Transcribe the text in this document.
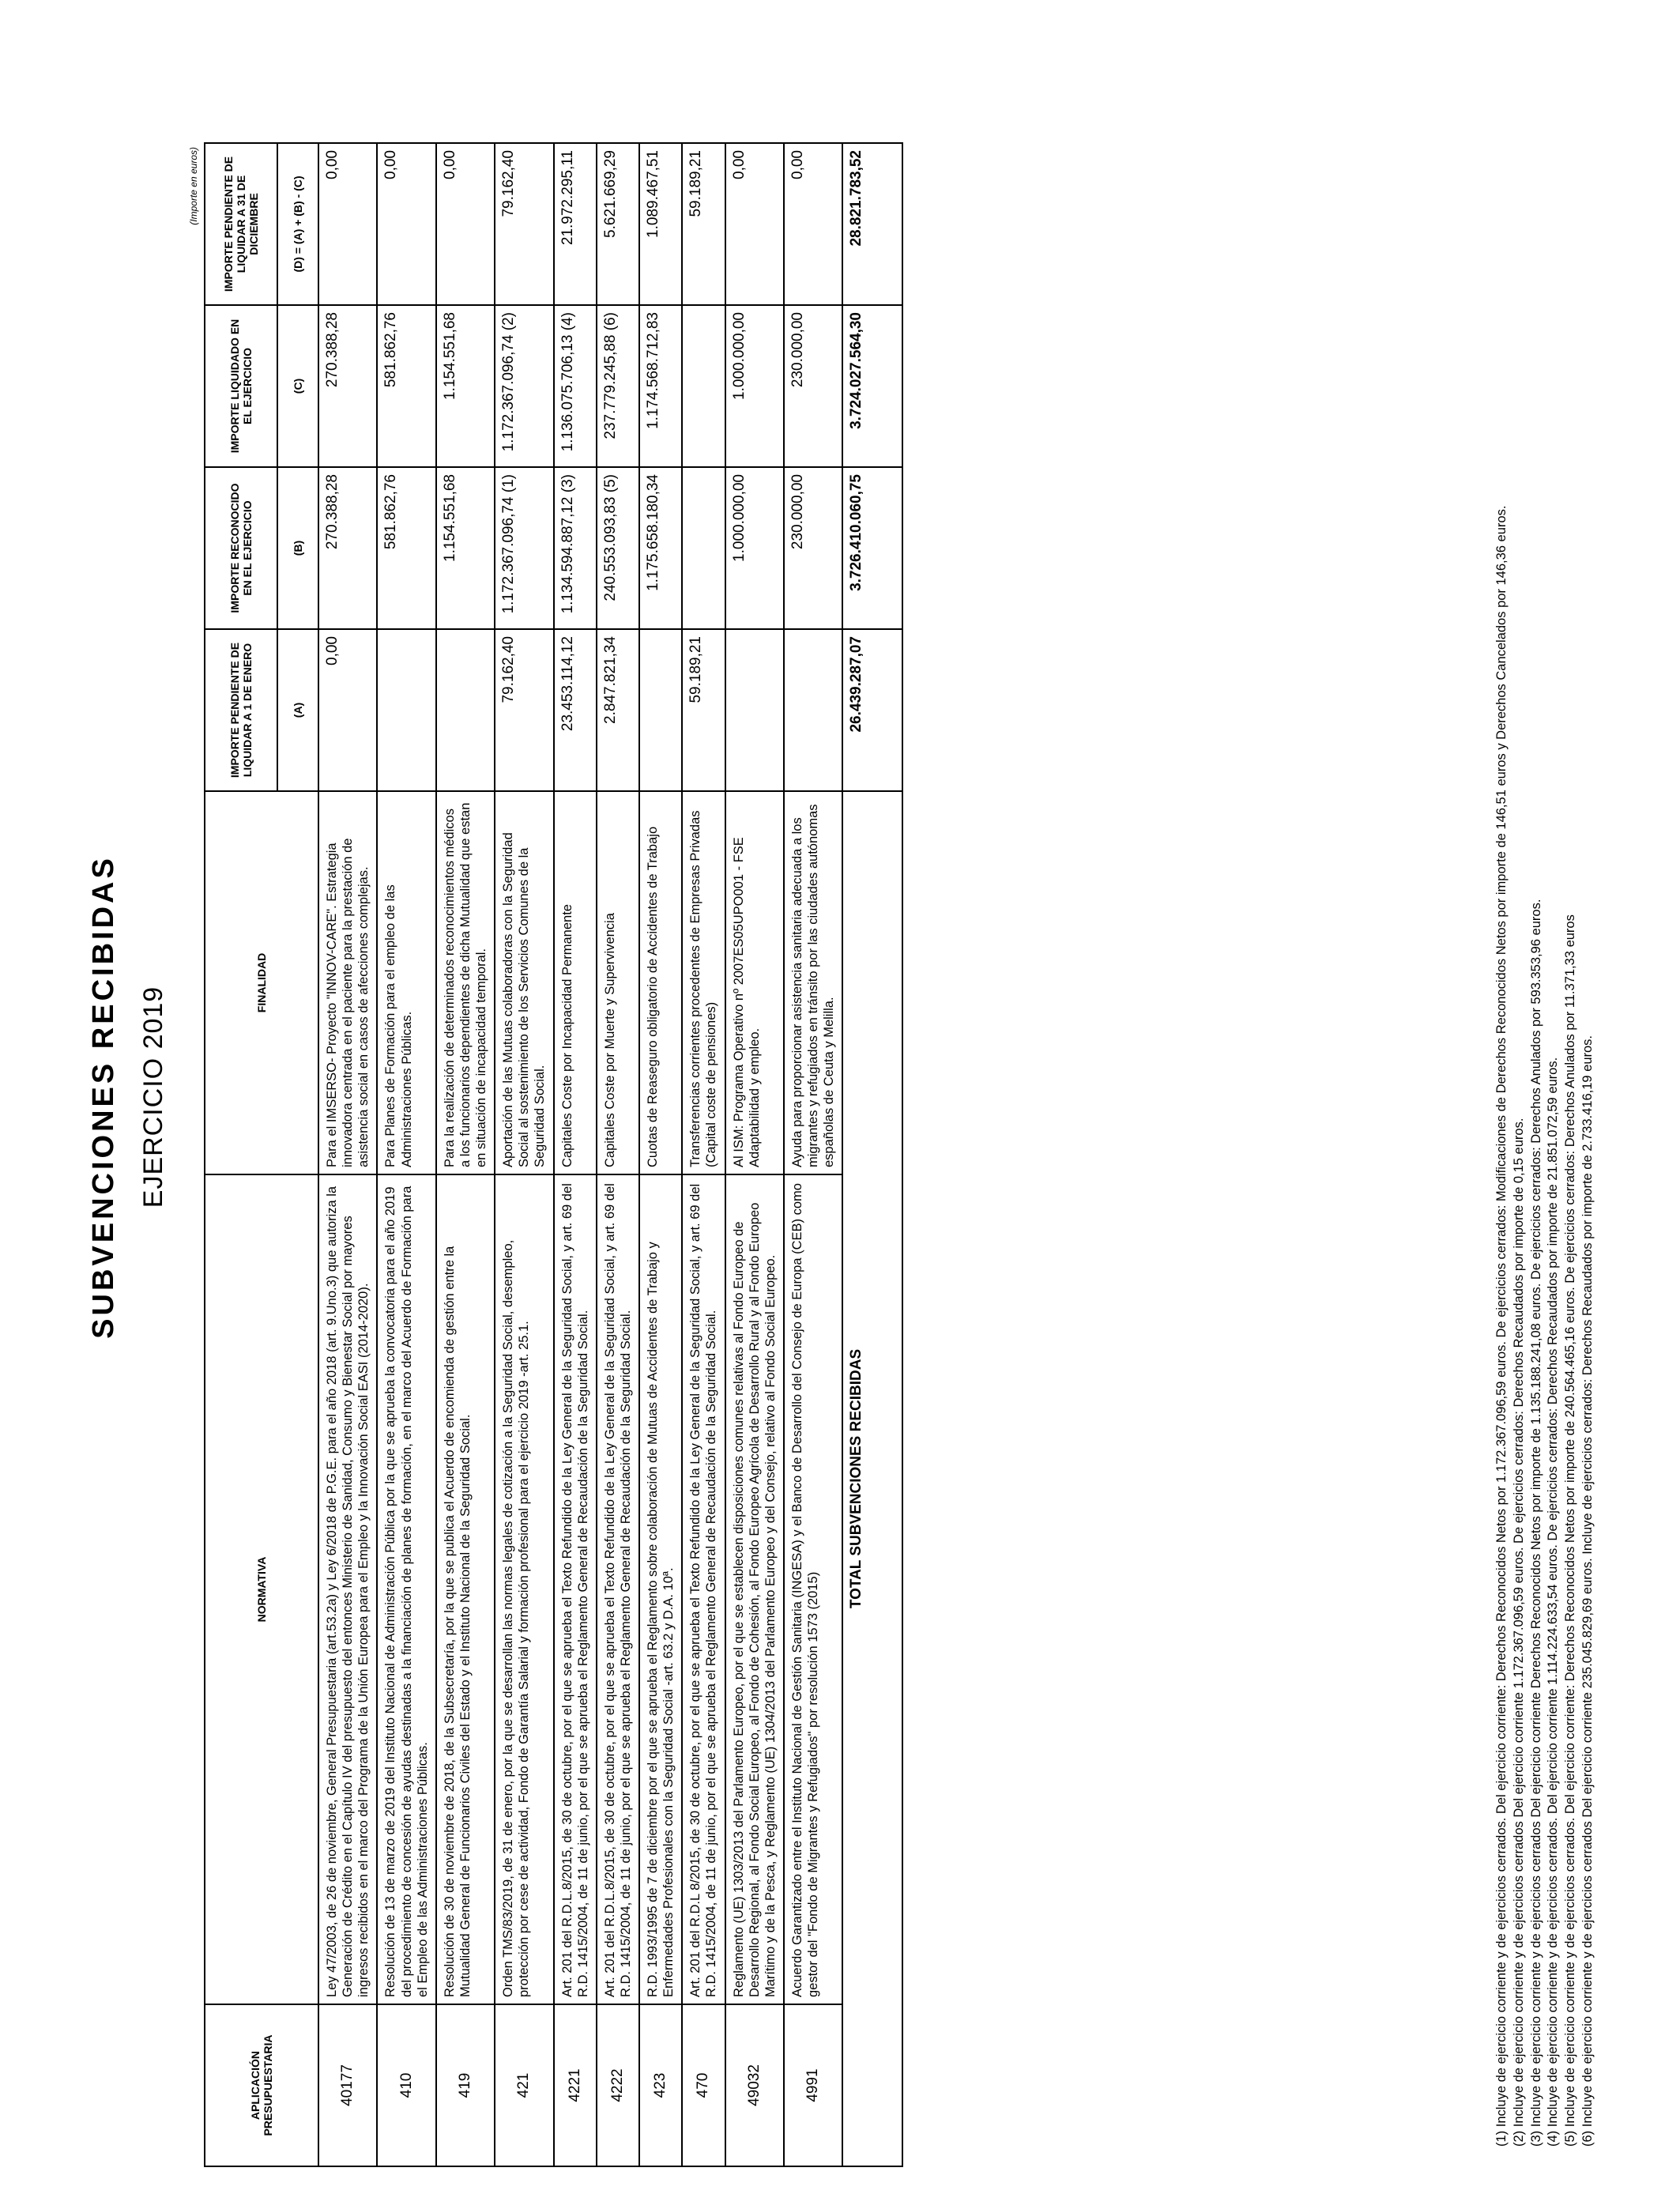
SUBVENCIONES RECIBIDAS EJERCICIO 2019
(Importe en euros)
APLICACIÓN PRESUPUESTARIA	NORMATIVA	FINALIDAD	IMPORTE PENDIENTE DE LIQUIDAR A 1 DE ENERO	IMPORTE RECONOCIDO EN EL EJERCICIO	IMPORTE LIQUIDADO EN EL EJERCICIO	IMPORTE PENDIENTE DE LIQUIDAR A 31 DE DICIEMBRE
			(A)	(B)	(C)	(D) = (A) + (B) - (C)
40177	Ley 47/2003, de 26 de noviembre, General Presupuestaria (art.53.2a) y Ley 6/2018 de P.G.E. para el año 2018 (art. 9.Uno.3) que autoriza la Generación de Crédito en el Capítulo IV del presupuesto del entonces Ministerio de Sanidad, Consumo y Bienestar Social por mayores ingresos recibidos en el marco del Programa de la Unión Europea para el Empleo y la Innovación Social EASI (2014-2020).	Para el IMSERSO- Proyecto "INNOV-CARE". Estrategia innovadora centrada en el paciente para la prestación de asistencia social en casos de afecciones complejas.	0,00	270.388,28	270.388,28	0,00
410	Resolución de 13 de marzo de 2019 del Instituto Nacional de Administración Pública por la que se aprueba la convocatoria para el año 2019 del procedimiento de concesión de ayudas destinadas a la financiación de planes de formación, en el marco del Acuerdo de Formación para el Empleo de las Administraciones Públicas.	Para Planes de Formación para el empleo de las Administraciones Públicas.		581.862,76	581.862,76	0,00
419	Resolución de 30 de noviembre de 2018, de la Subsecretaría, por la que se publica el Acuerdo de encomienda de gestión entre la Mutualidad General de Funcionarios Civiles del Estado y el Instituto Nacional de la Seguridad Social.	Para la realización de determinados reconocimientos médicos a los funcionarios dependientes de dicha Mutualidad que estan en situación de incapacidad temporal.		1.154.551,68	1.154.551,68	0,00
421	Orden TMS/83/2019, de 31 de enero, por la que se desarrollan las normas legales de cotización a la Seguridad Social, desempleo, protección por cese de actividad, Fondo de Garantía Salarial y formación profesional para el ejercicio 2019 -art. 25.1.	Aportación de las Mutuas colaboradoras con la Seguridad Social al sostenimiento de los Servicios Comunes de la Seguridad Social.	79.162,40	1.172.367.096,74 (1)	1.172.367.096,74 (2)	79.162,40
4221	Art. 201 del R.D.L.8/2015, de 30 de octubre, por el que se aprueba el Texto Refundido de la Ley General de la Seguridad Social, y art. 69 del R.D. 1415/2004, de 11 de junio, por el que se aprueba el Reglamento General de Recaudación de la Seguridad Social.	Capitales Coste por Incapacidad Permanente	23.453.114,12	1.134.594.887,12 (3)	1.136.075.706,13 (4)	21.972.295,11
4222	Art. 201 del R.D.L.8/2015, de 30 de octubre, por el que se aprueba el Texto Refundido de la Ley General de la Seguridad Social, y art. 69 del R.D. 1415/2004, de 11 de junio, por el que se aprueba el Reglamento General de Recaudación de la Seguridad Social.	Capitales Coste por Muerte y Supervivencia	2.847.821,34	240.553.093,83 (5)	237.779.245,88 (6)	5.621.669,29
423	R.D. 1993/1995 de 7 de diciembre por el que se aprueba el Reglamento sobre colaboración de Mutuas de Accidentes de Trabajo y Enfermedades Profesionales con la Seguridad Social -art. 63.2 y D.A. 10ª.	Cuotas de Reaseguro obligatorio de Accidentes de Trabajo		1.175.658.180,34	1.174.568.712,83	1.089.467,51
470	Art. 201 del R.D.L 8/2015, de 30 de octubre, por el que se aprueba el Texto Refundido de la Ley General de la Seguridad Social, y art. 69 del R.D. 1415/2004, de 11 de junio, por el que se aprueba el Reglamento General de Recaudación de la Seguridad Social.	Transferencias corrientes procedentes de Empresas Privadas (Capital coste de pensiones)	59.189,21			59.189,21
49032	Reglamento (UE) 1303/2013 del Parlamento Europeo, por el que se establecen disposiciones comunes relativas al Fondo Europeo de Desarrollo Regional, al Fondo Social Europeo, al Fondo de Cohesión, al Fondo Europeo Agrícola de Desarrollo Rural y al Fondo Europeo Marítimo y de la Pesca, y Reglamento (UE) 1304/2013 del Parlamento Europeo y del Consejo, relativo al Fondo Social Europeo.	Al ISM: Programa Operativo nº 2007ES05UPO001 - FSE Adaptabilidad y empleo.		1.000.000,00	1.000.000,00	0,00
4991	Acuerdo Garantizado entre el Instituto Nacional de Gestión Sanitaria (INGESA) y el Banco de Desarrollo del Consejo de Europa (CEB) como gestor del "Fondo de Migrantes y Refugiados" por resolución 1573 (2015)	Ayuda para proporcionar asistencia sanitaria adecuada a los migrantes y refugiados en tránsito por las ciudades autónomas españolas de Ceuta y Melilla.		230.000,00	230.000,00	0,00
TOTAL SUBVENCIONES RECIBIDAS			26.439.287,07	3.726.410.060,75	3.724.027.564,30	28.821.783,52
(1) Incluye de ejercicio corriente y de ejercicios cerrados. Del ejercicio corriente: Derechos Reconocidos Netos por 1.172.367.096,59 euros. De ejercicios cerrados: Modificaciones de Derechos Reconocidos Netos por importe de 146,51 euros y Derechos Cancelados por 146,36 euros. (2) Incluye de ejercicio corriente y de ejercicios cerrados Del ejercicio corriente 1.172.367.096,59 euros. De ejercicios cerrados: Derechos Recaudados por importe de 0,15 euros. (3) Incluye de ejercicio corriente y de ejercicios cerrados Del ejercicio corriente Derechos Reconocidos Netos por importe de 1.135.188.241,08 euros. De ejercicios cerrados: Derechos Anulados por 593.353,96 euros. (4) Incluye de ejercicio corriente y de ejercicios cerrados. Del ejercicio corriente 1.114.224.633,54 euros. De ejercicios cerrados: Derechos Recaudados por importe de 21.851.072,59 euros. (5) Incluye de ejercicio corriente y de ejercicios cerrados. Del ejercicio corriente: Derechos Reconocidos Netos por importe de 240.564.465,16 euros. De ejercicios cerrados: Derechos Anulados por 11.371,33 euros (6) Incluye de ejercicio corriente y de ejercicios cerrados Del ejercicio corriente 235.045.829,69 euros. Incluye de ejercicios cerrados: Derechos Recaudados por importe de 2.733.416,19 euros.
